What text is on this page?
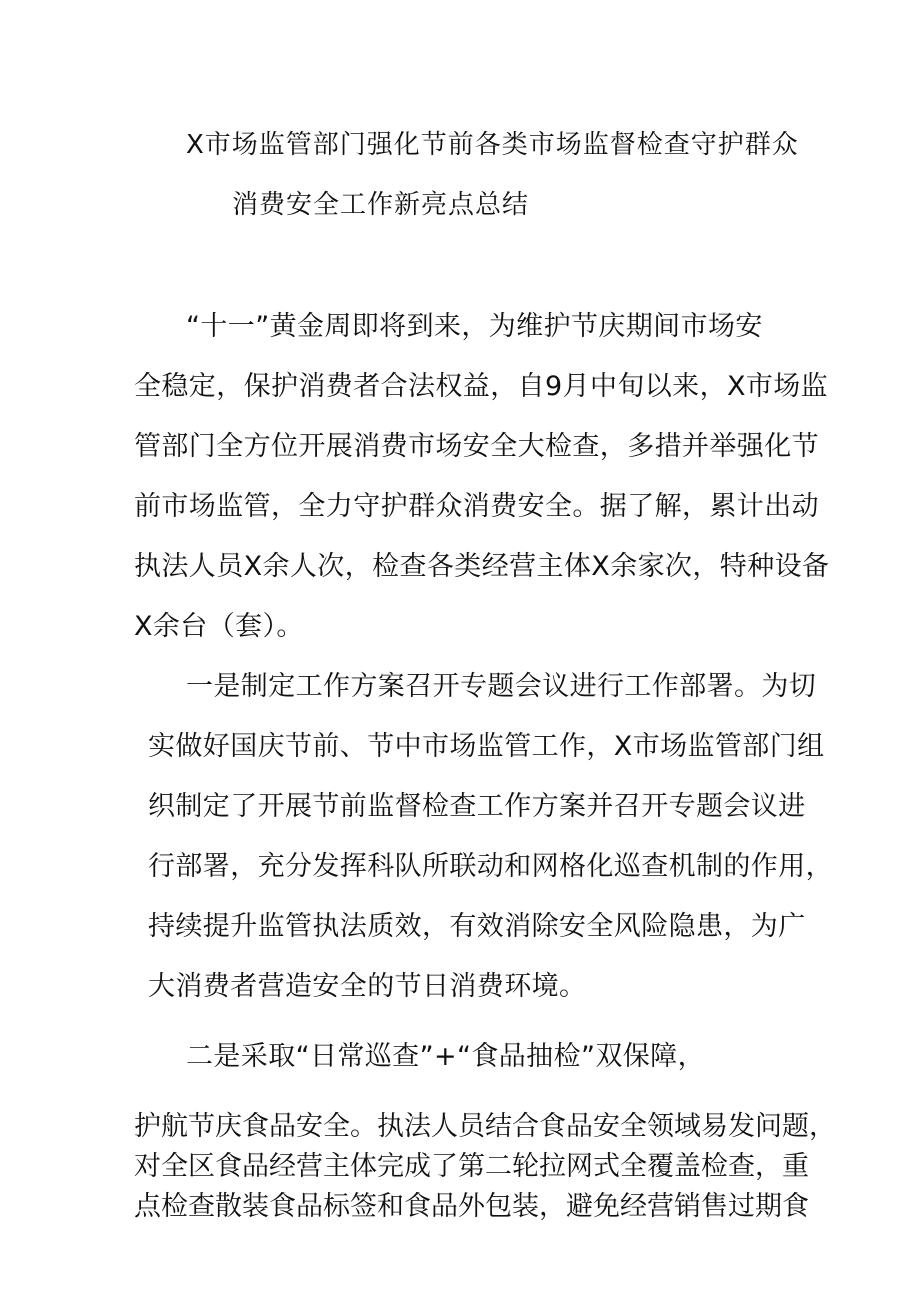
X市场监管部门强化节前各类市场监督检查守护群众
消费安全工作新亮点总结
“十一”黄金周即将到来，为维护节庆期间市场安
全稳定，保护消费者合法权益，自9月中旬以来，X市场监
管部门全方位开展消费市场安全大检查，多措并举强化节
前市场监管，全力守护群众消费安全。据了解，累计出动
执法人员X余人次，检查各类经营主体X余家次，特种设备
X余台（套）。
一是制定工作方案召开专题会议进行工作部署。为切
实做好国庆节前、节中市场监管工作，X市场监管部门组
织制定了开展节前监督检查工作方案并召开专题会议进
行部署，充分发挥科队所联动和网格化巡查机制的作用，
持续提升监管执法质效，有效消除安全风险隐患，为广
大消费者营造安全的节日消费环境。
二是采取“日常巡查”+“食品抽检”双保障，
护航节庆食品安全。执法人员结合食品安全领域易发问题，
对全区食品经营主体完成了第二轮拉网式全覆盖检查，重
点检查散装食品标签和食品外包装，避免经营销售过期食
